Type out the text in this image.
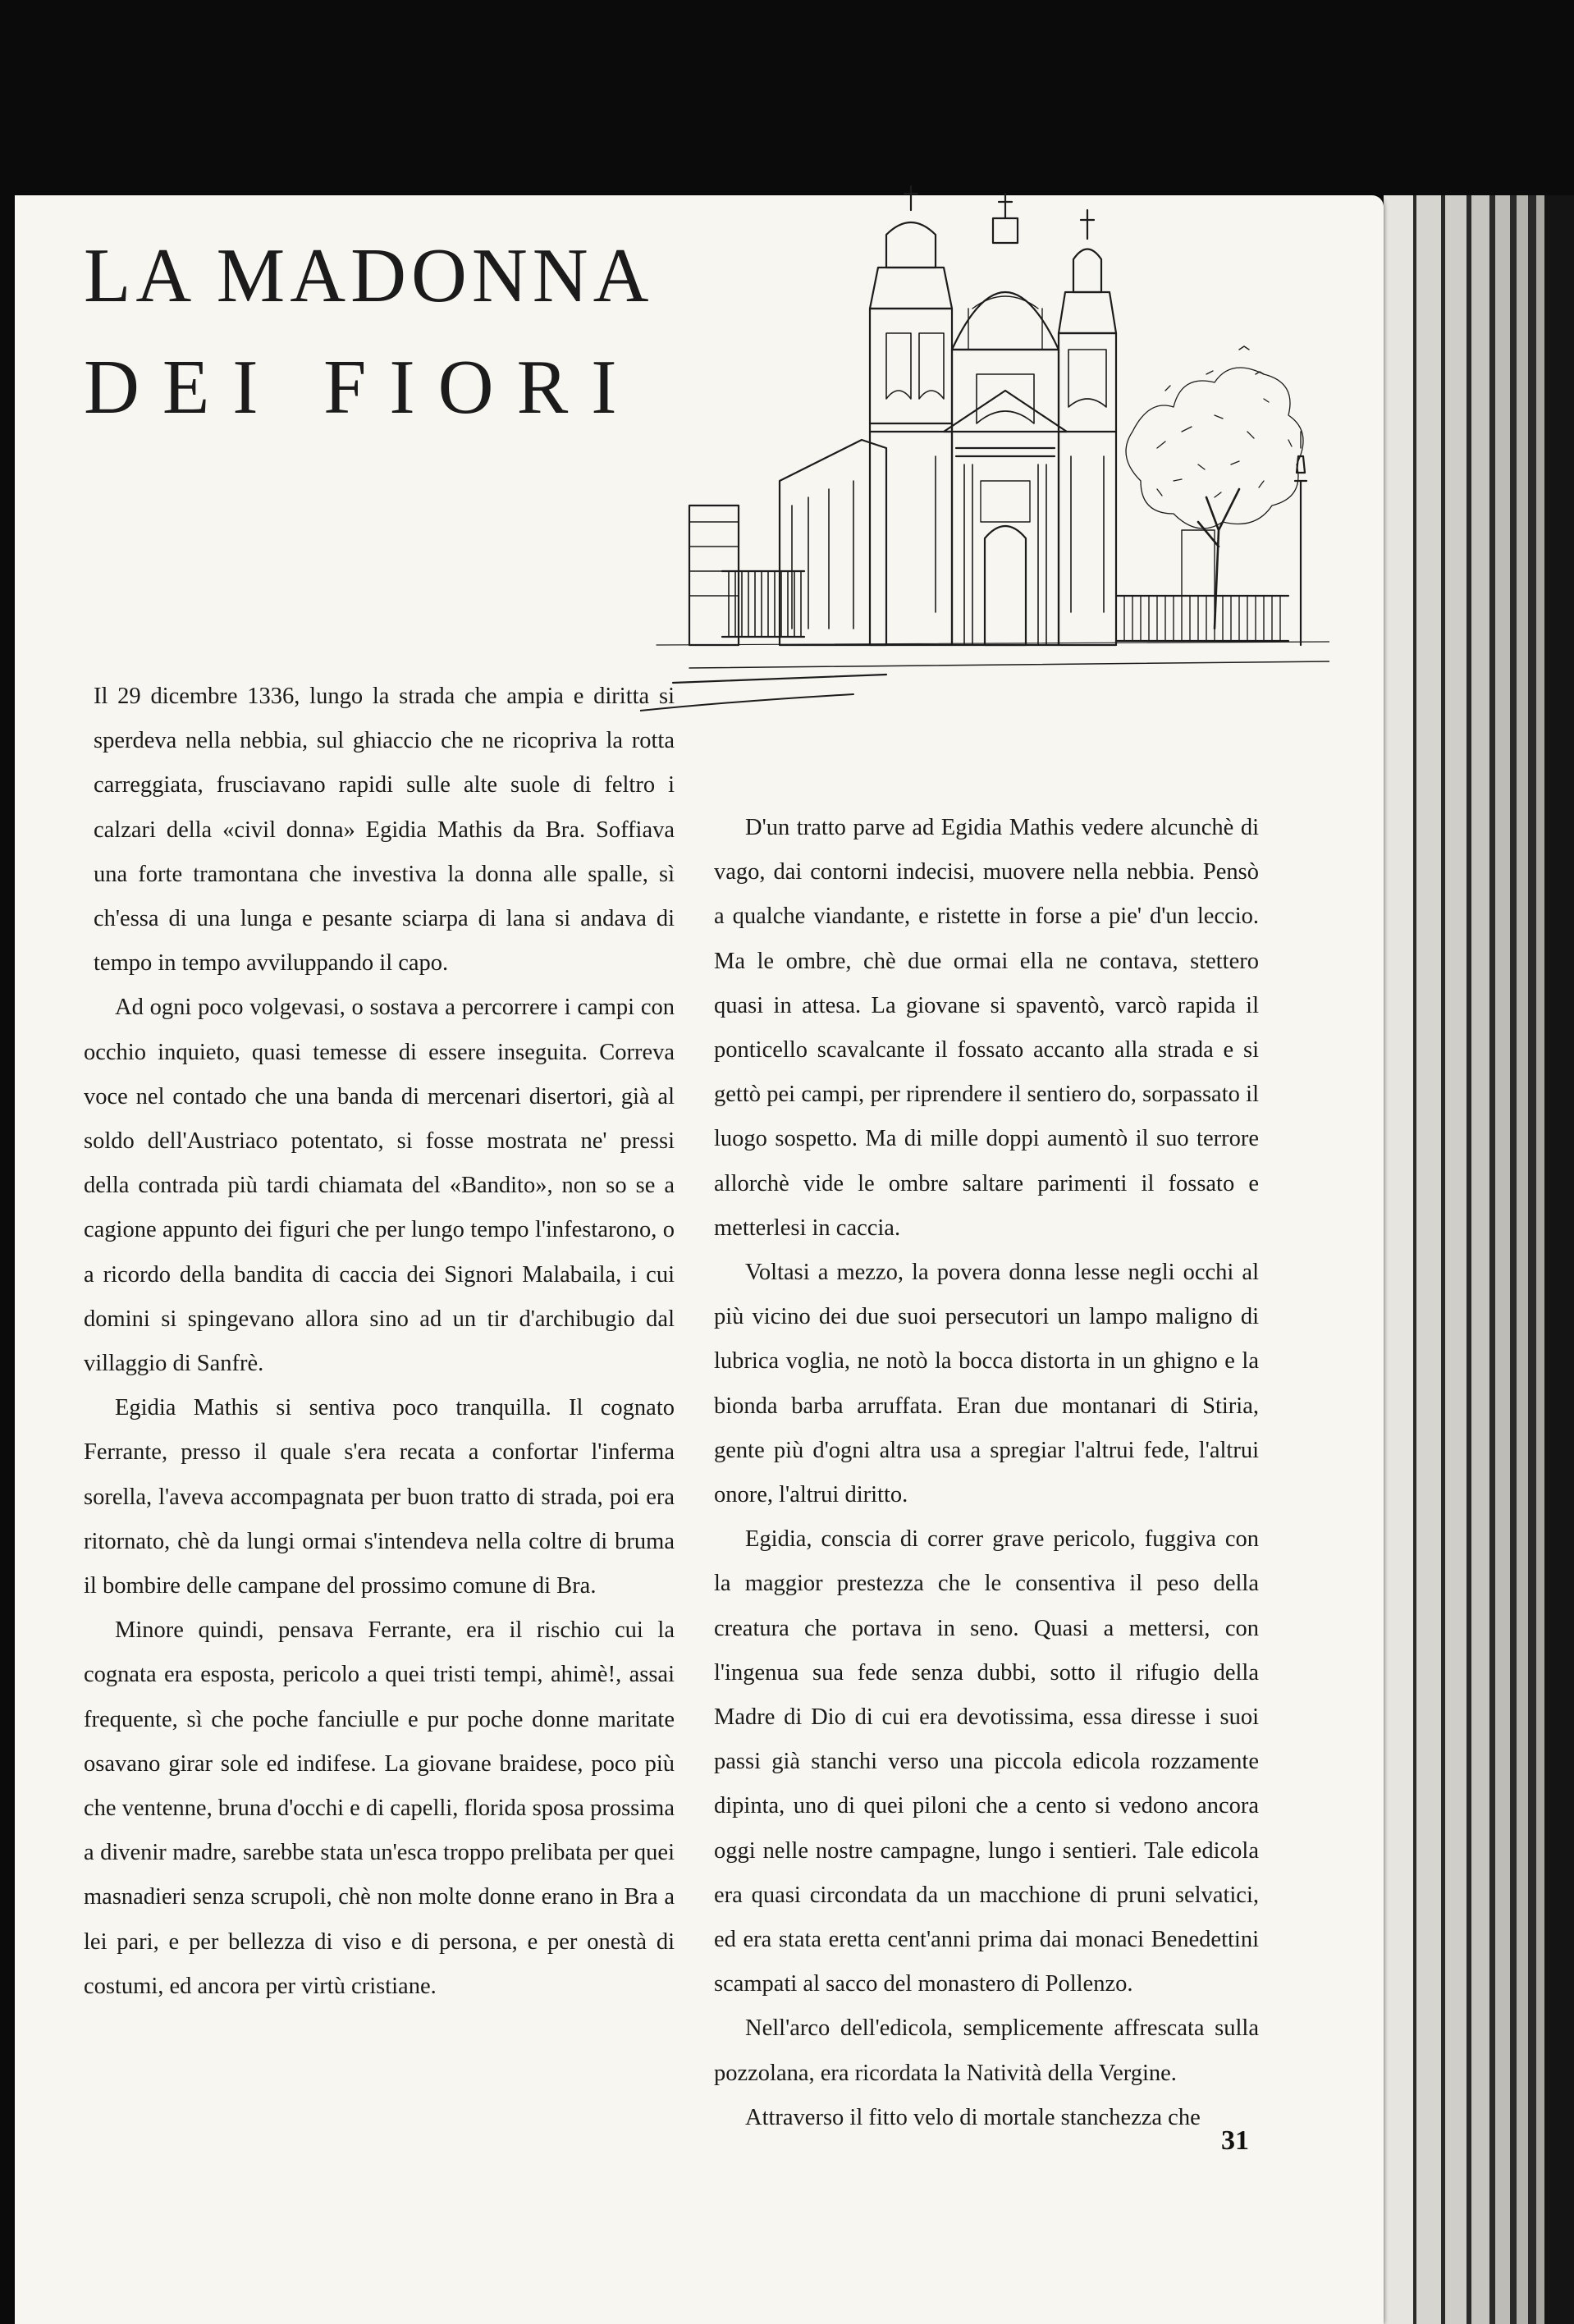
LA MADONNA
DEI FIORI

Il 29 dicembre 1336, lungo la strada che ampia e diritta si sperdeva nella nebbia, sul ghiaccio che ne ricopriva la rotta carreggiata, frusciavano rapidi sulle alte suole di feltro i calzari della «civil donna» Egidia Mathis da Bra. Soffiava una forte tramontana che investiva la donna alle spalle, sì ch'essa di una lunga e pesante sciarpa di lana si andava di tempo in tempo avviluppando il capo.

Ad ogni poco volgevasi, o sostava a percorrere i campi con occhio inquieto, quasi temesse di essere inseguita. Correva voce nel contado che una banda di mercenari disertori, già al soldo dell'Austriaco potentato, si fosse mostrata ne' pressi della contrada più tardi chiamata del «Bandito», non so se a cagione appunto dei figuri che per lungo tempo l'infestarono, o a ricordo della bandita di caccia dei Signori Malabaila, i cui domini si spingevano allora sino ad un tir d'archibugio dal villaggio di Sanfrè.

Egidia Mathis si sentiva poco tranquilla. Il cognato Ferrante, presso il quale s'era recata a confortar l'inferma sorella, l'aveva accompagnata per buon tratto di strada, poi era ritornato, chè da lungi ormai s'intendeva nella coltre di bruma il bombire delle campane del prossimo comune di Bra.

Minore quindi, pensava Ferrante, era il rischio cui la cognata era esposta, pericolo a quei tristi tempi, ahimè!, assai frequente, sì che poche fanciulle e pur poche donne maritate osavano girar sole ed indifese. La giovane braidese, poco più che ventenne, bruna d'occhi e di capelli, florida sposa prossima a divenir madre, sarebbe stata un'esca troppo prelibata per quei masnadieri senza scrupoli, chè non molte donne erano in Bra a lei pari, e per bellezza di viso e di persona, e per onestà di costumi, ed ancora per virtù cristiane.

D'un tratto parve ad Egidia Mathis vedere alcunchè di vago, dai contorni indecisi, muovere nella nebbia. Pensò a qualche viandante, e ristette in forse a pie' d'un leccio. Ma le ombre, chè due ormai ella ne contava, stettero quasi in attesa. La giovane si spaventò, varcò rapida il ponticello scavalcante il fossato accanto alla strada e si gettò pei campi, per riprendere il sentiero do, sorpassato il luogo sospetto. Ma di mille doppi aumentò il suo terrore allorchè vide le ombre saltare parimenti il fossato e metterlesi in caccia.

Voltasi a mezzo, la povera donna lesse negli occhi al più vicino dei due suoi persecutori un lampo maligno di lubrica voglia, ne notò la bocca distorta in un ghigno e la bionda barba arruffata. Eran due montanari di Stiria, gente più d'ogni altra usa a spregiar l'altrui fede, l'altrui onore, l'altrui diritto.

Egidia, conscia di correr grave pericolo, fuggiva con la maggior prestezza che le consentiva il peso della creatura che portava in seno. Quasi a mettersi, con l'ingenua sua fede senza dubbi, sotto il rifugio della Madre di Dio di cui era devotissima, essa diresse i suoi passi già stanchi verso una piccola edicola rozzamente dipinta, uno di quei piloni che a cento si vedono ancora oggi nelle nostre campagne, lungo i sentieri. Tale edicola era quasi circondata da un macchione di pruni selvatici, ed era stata eretta cent'anni prima dai monaci Benedettini scampati al sacco del monastero di Pollenzo.

Nell'arco dell'edicola, semplicemente affrescata sulla pozzolana, era ricordata la Natività della Vergine.

Attraverso il fitto velo di mortale stanchezza che

31
